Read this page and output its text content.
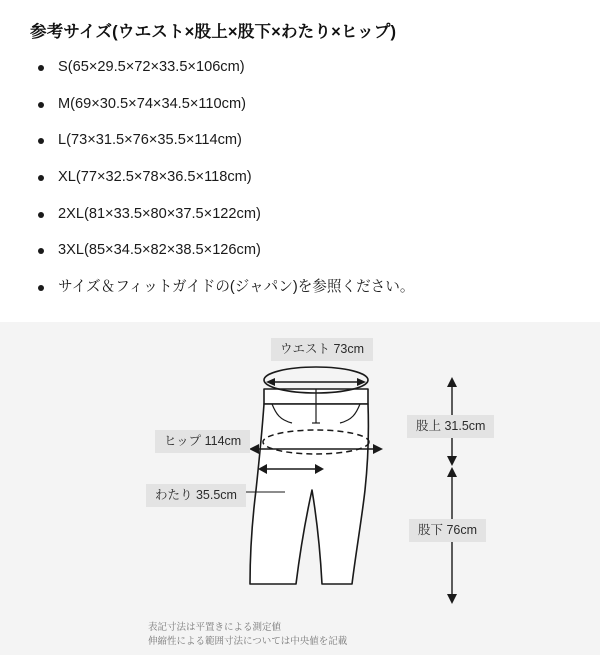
参考サイズ(ウエスト×股上×股下×わたり×ヒップ)
S(65×29.5×72×33.5×106cm)
M(69×30.5×74×34.5×110cm)
L(73×31.5×76×35.5×114cm)
XL(77×32.5×78×36.5×118cm)
2XL(81×33.5×80×37.5×122cm)
3XL(85×34.5×82×38.5×126cm)
サイズ＆フィットガイドの(ジャパン)を参照ください。
ウエスト 73cm
ヒップ 114cm
わたり 35.5cm
股上 31.5cm
股下 76cm
表記寸法は平置きによる測定値
伸縮性による範囲寸法については中央値を記載
